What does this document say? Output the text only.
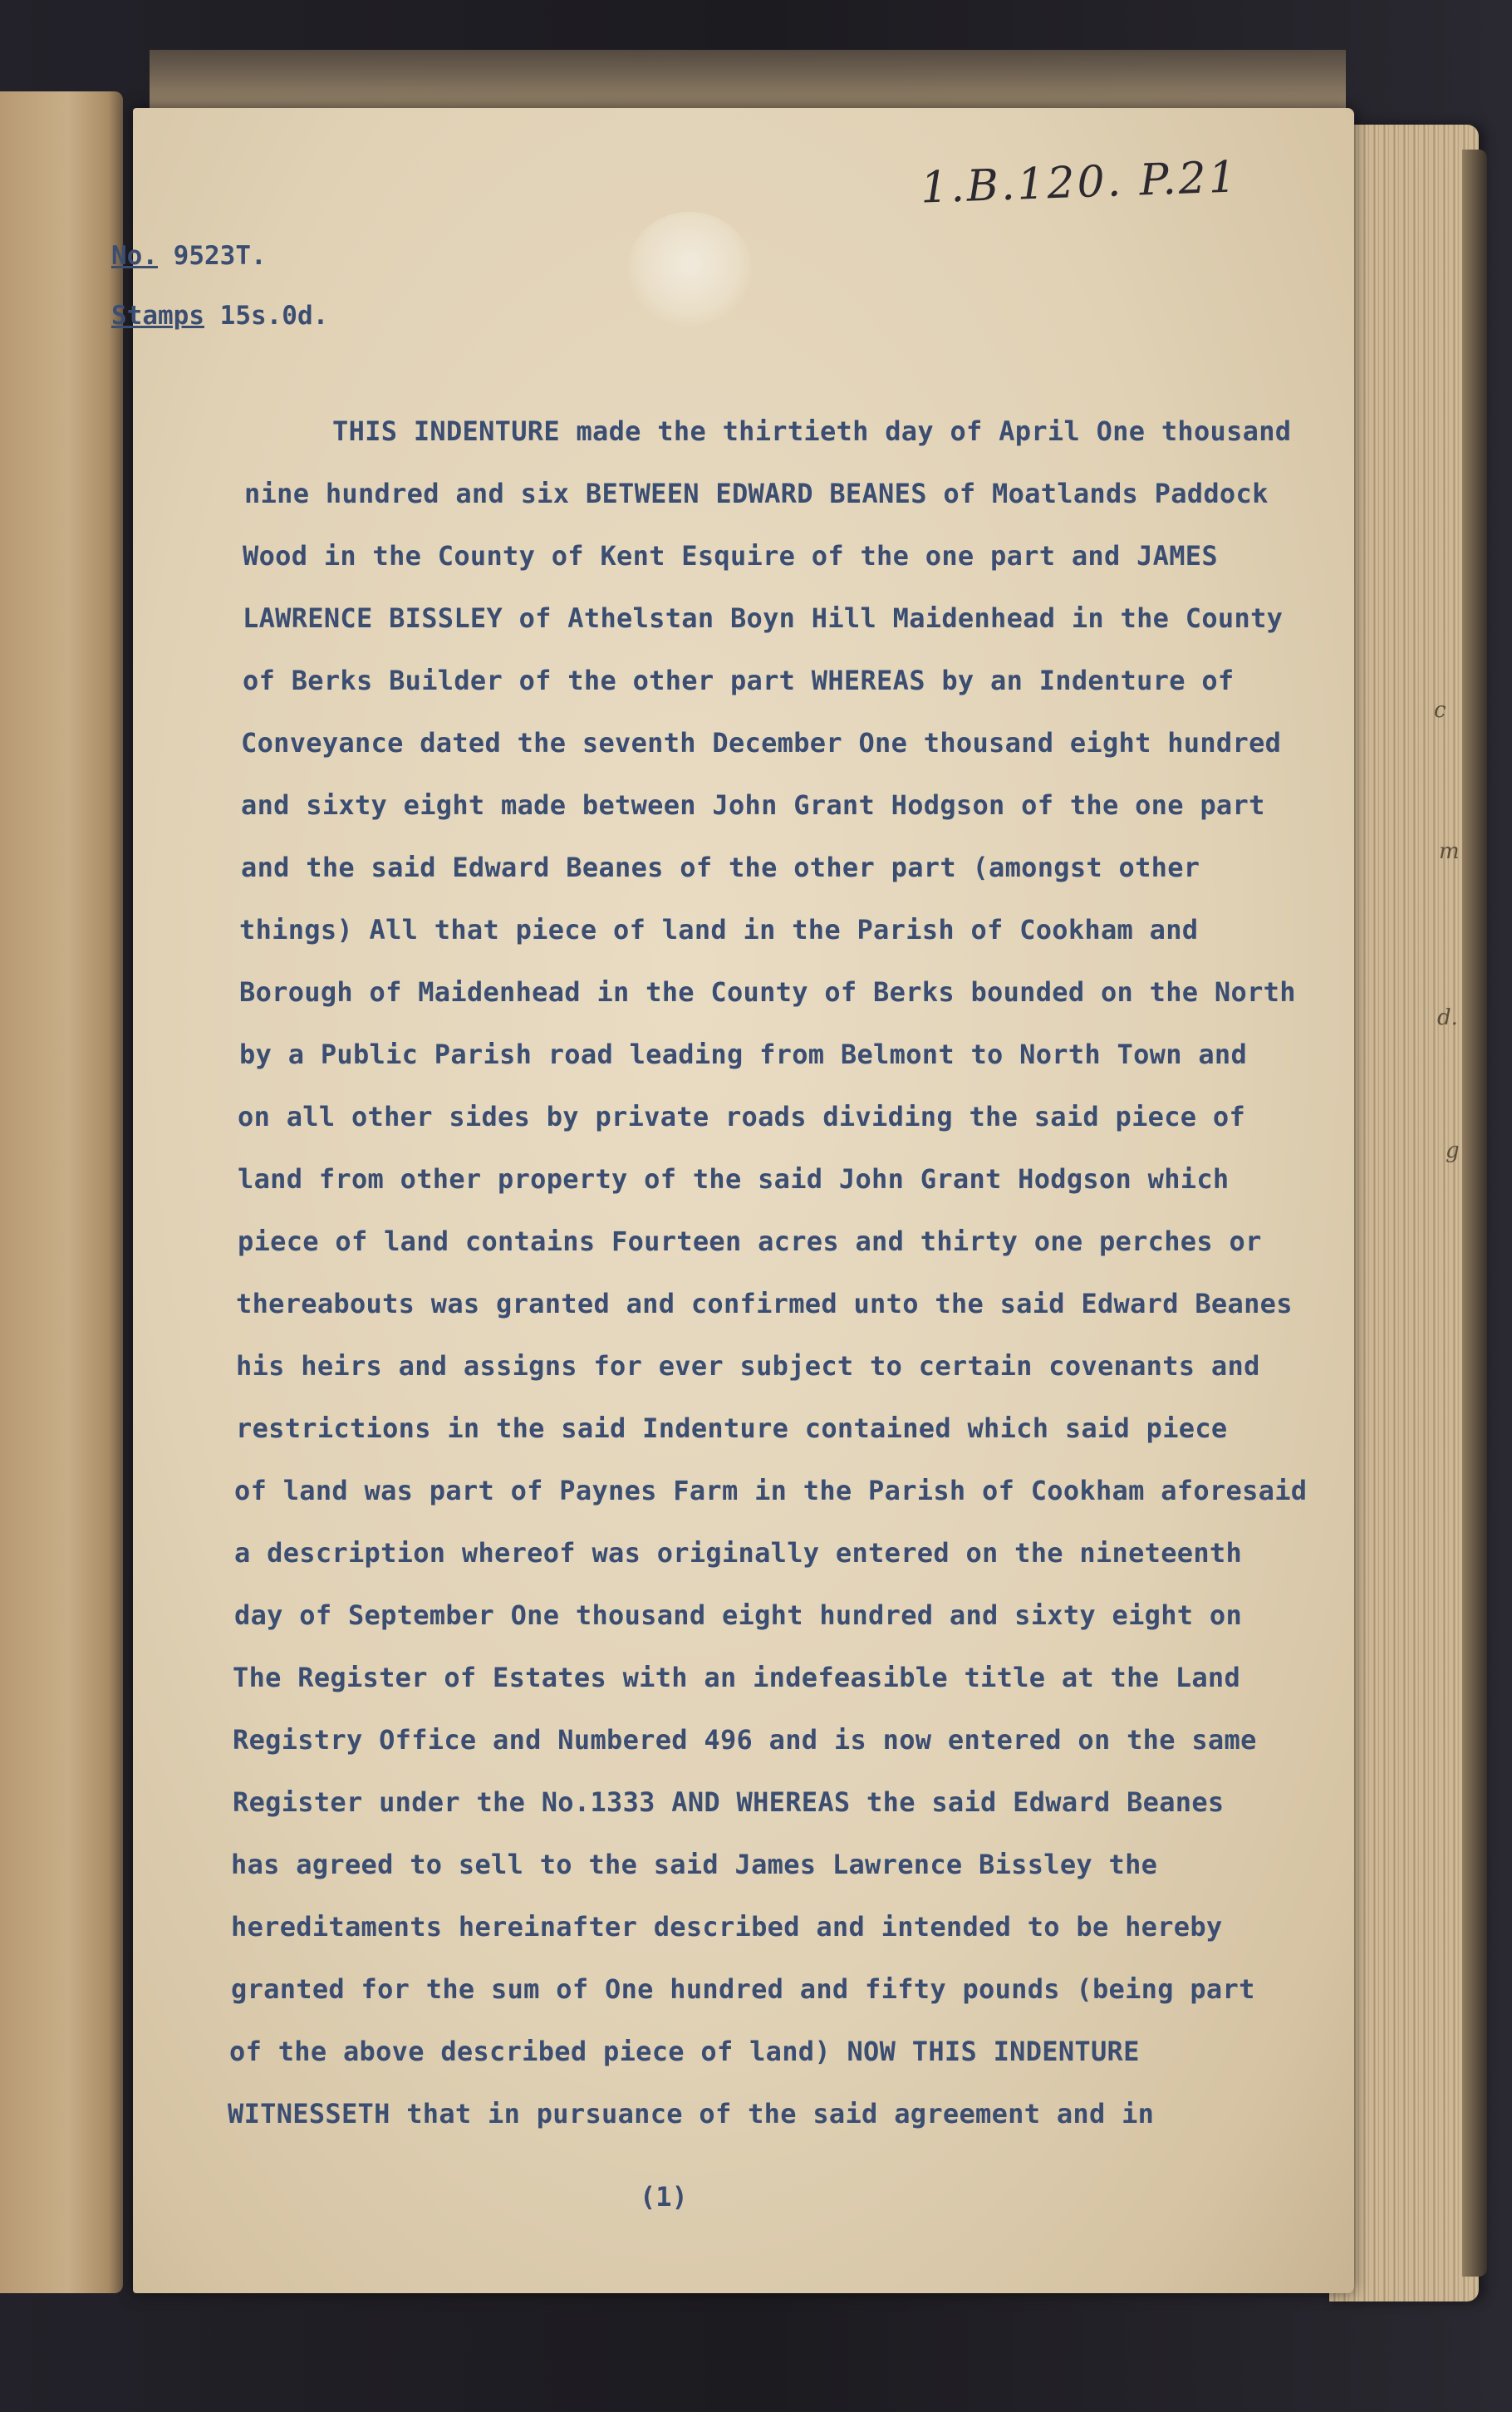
c
m
d.
g

1.B.120. P.21

No. 9523T.

Stamps 15s.0d.

THIS INDENTURE made the thirtieth day of April One thousand
nine hundred and six BETWEEN EDWARD BEANES of Moatlands Paddock
Wood in the County of Kent Esquire of the one part and JAMES
LAWRENCE BISSLEY of Athelstan Boyn Hill Maidenhead in the County
of Berks Builder of the other part WHEREAS by an Indenture of
Conveyance dated the seventh December One thousand eight hundred
and sixty eight made between John Grant Hodgson of the one part
and the said Edward Beanes of the other part (amongst other
things) All that piece of land in the Parish of Cookham and
Borough of Maidenhead in the County of Berks bounded on the North
by a Public Parish road leading from Belmont to North Town and
on all other sides by private roads dividing the said piece of
land from other property of the said John Grant Hodgson which
piece of land contains Fourteen acres and thirty one perches or
thereabouts was granted and confirmed unto the said Edward Beanes
his heirs and assigns for ever subject to certain covenants and
restrictions in the said Indenture contained which said piece
of land was part of Paynes Farm in the Parish of Cookham aforesaid
a description whereof was originally entered on the nineteenth
day of September One thousand eight hundred and sixty eight on
The Register of Estates with an indefeasible title at the Land
Registry Office and Numbered 496 and is now entered on the same
Register under the No.1333 AND WHEREAS the said Edward Beanes
has agreed to sell to the said James Lawrence Bissley the
hereditaments hereinafter described and intended to be hereby
granted for the sum of One hundred and fifty pounds (being part
of the above described piece of land) NOW THIS INDENTURE
WITNESSETH that in pursuance of the said agreement and in

(1)
